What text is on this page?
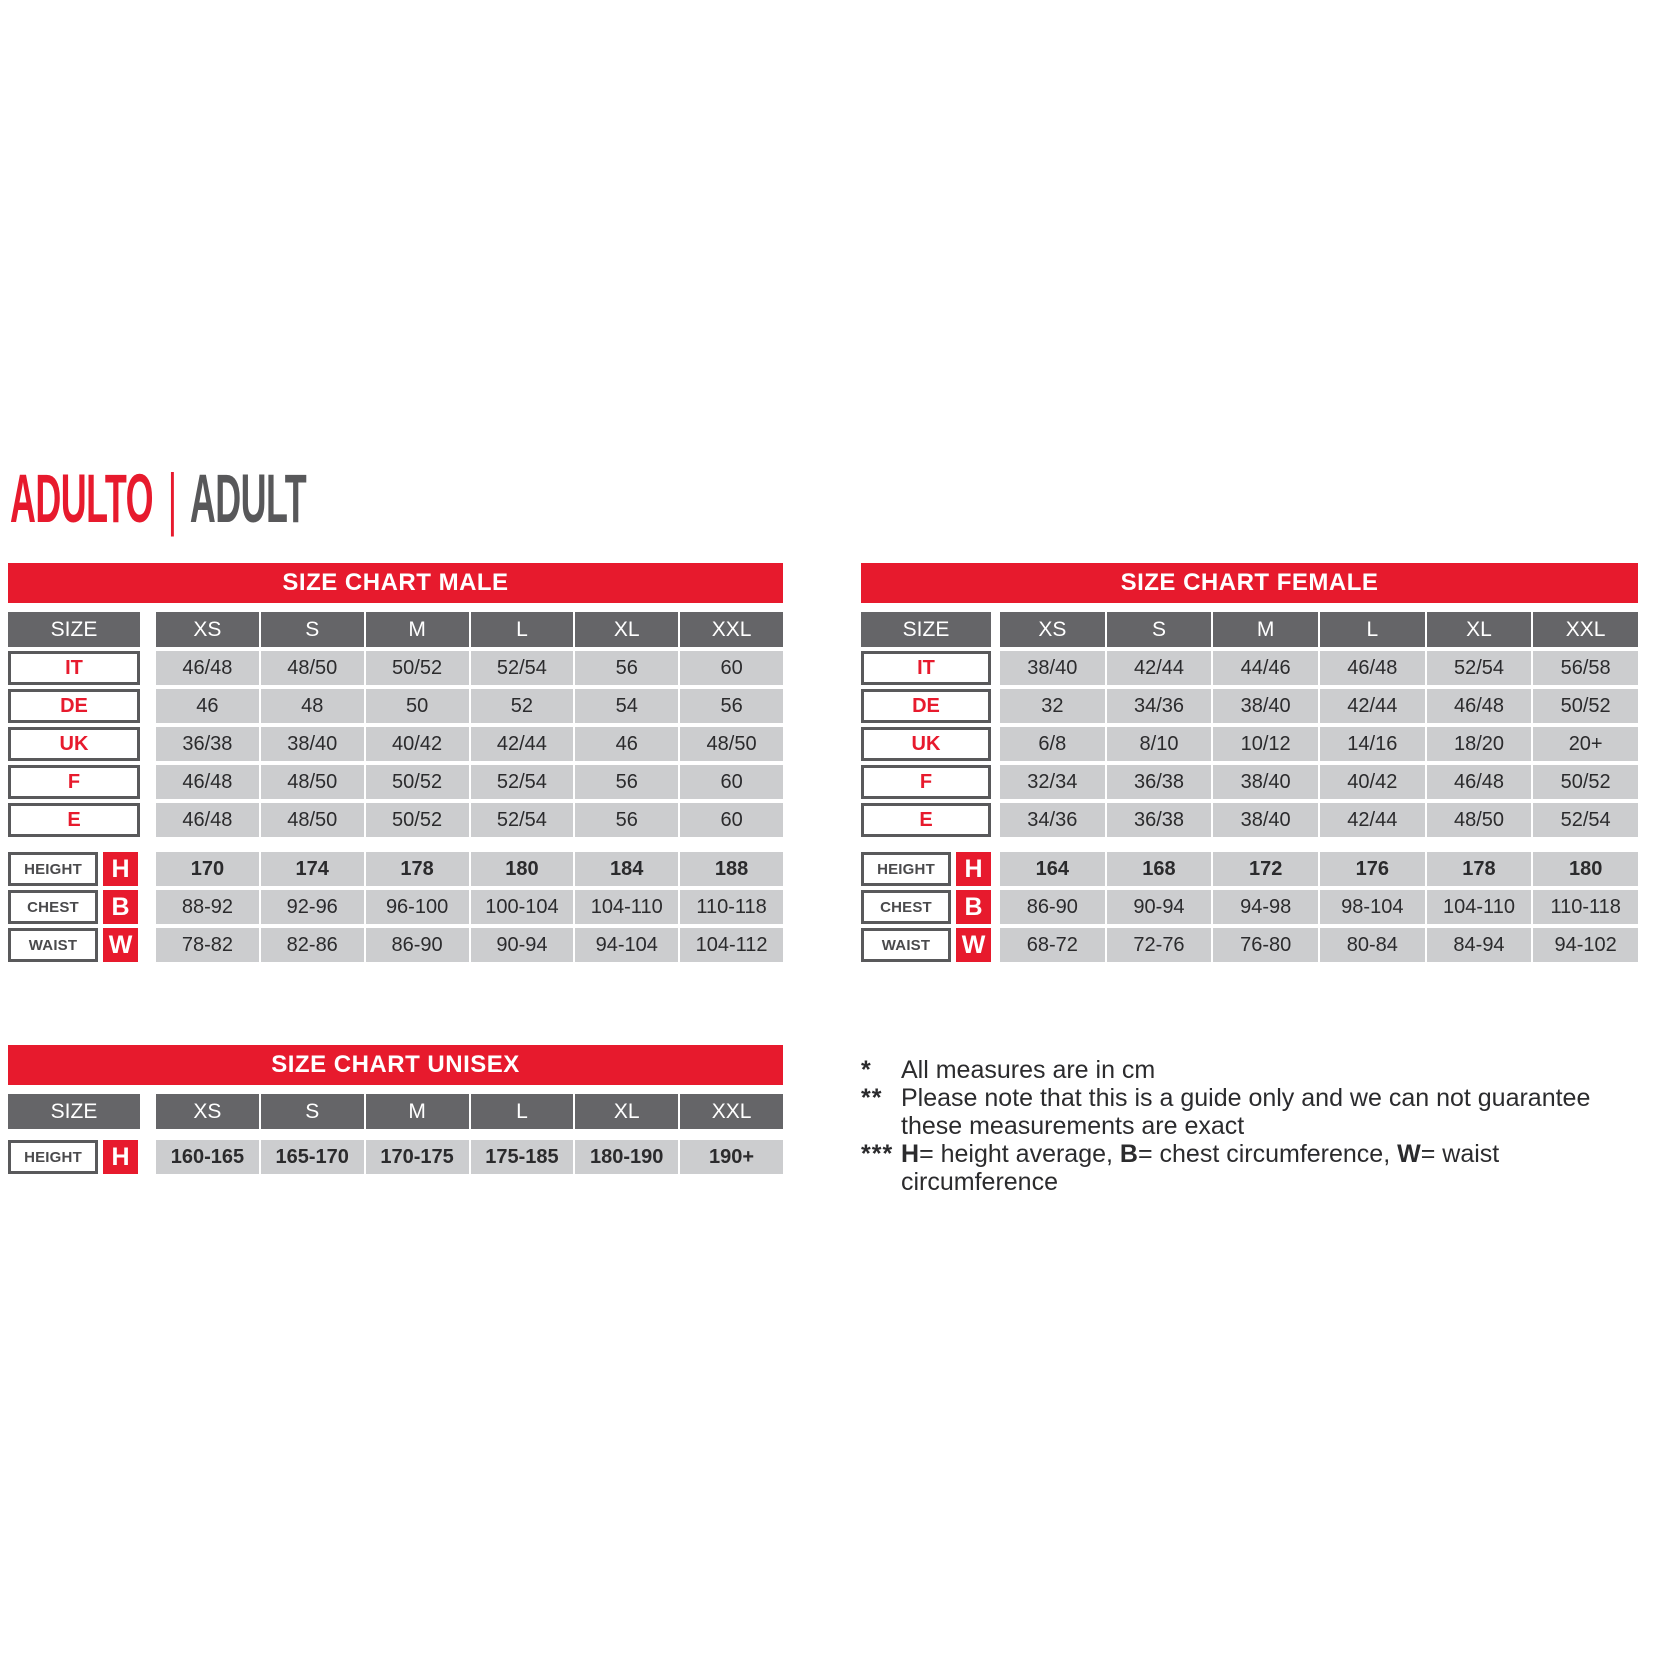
ADULTO | ADULT
SIZE CHART MALE
SIZE	XS	S	M	L	XL	XXL
IT	46/48	48/50	50/52	52/54	56	60
DE	46	48	50	52	54	56
UK	36/38	38/40	40/42	42/44	46	48/50
F	46/48	48/50	50/52	52/54	56	60
E	46/48	48/50	50/52	52/54	56	60
HEIGHT	H	170	174	178	180	184	188
CHEST	B	88-92	92-96	96-100	100-104	104-110	110-118
WAIST	W	78-82	82-86	86-90	90-94	94-104	104-112
SIZE CHART FEMALE
SIZE	XS	S	M	L	XL	XXL
IT	38/40	42/44	44/46	46/48	52/54	56/58
DE	32	34/36	38/40	42/44	46/48	50/52
UK	6/8	8/10	10/12	14/16	18/20	20+
F	32/34	36/38	38/40	40/42	46/48	50/52
E	34/36	36/38	38/40	42/44	48/50	52/54
HEIGHT	H	164	168	172	176	178	180
CHEST	B	86-90	90-94	94-98	98-104	104-110	110-118
WAIST	W	68-72	72-76	76-80	80-84	84-94	94-102
SIZE CHART UNISEX
SIZE	XS	S	M	L	XL	XXL
HEIGHT	H	160-165	165-170	170-175	175-185	180-190	190+
* All measures are in cm
** Please note that this is a guide only and we can not guarantee
these measurements are exact
*** H= height average, B= chest circumference, W= waist circumference
